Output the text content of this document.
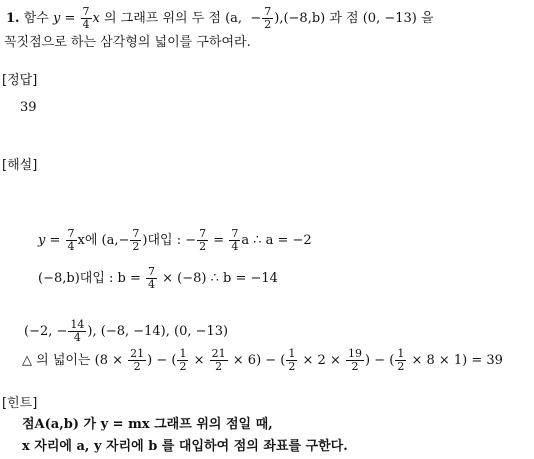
1. 함수 $y = \frac{7}{4}$ x 의 그래프 위의 두 점 (a,  − $\frac{7}{2} ),(-8,b)$ 과 점 (0, −13) 을
꼭짓점으로 하는 삼각형의 넓이를 구하여라.
[정답]
39
[해설]
$y = \frac{7}{4}$ x에 ($a,- \frac{7}{2}$ )대입 : − $\frac{7}{2} = \frac{7}{4}$ a ∴ a = −2
(−8,b)대입 : $b = \frac{7}{4} \times (-8)$ ∴ b = −14
(−2, − $\frac{14}{4}$ ), (−8, −14), (0, −13)
△ 의 넓이는 ($8 \times \frac{21}{2}$ ) − ( $\frac{1}{2} \times \frac{21}{2} \times 6$) − ( $\frac{1}{2} \times 2 \times \frac{19}{2}$ ) − ( $\frac{1}{2} \times 8 \times 1) = 39$
[힌트]
점A(a,b) 가 y = mx 그래프 위의 점일 때,
x 자리에 a, y 자리에 b 를 대입하여 점의 좌표를 구한다.
